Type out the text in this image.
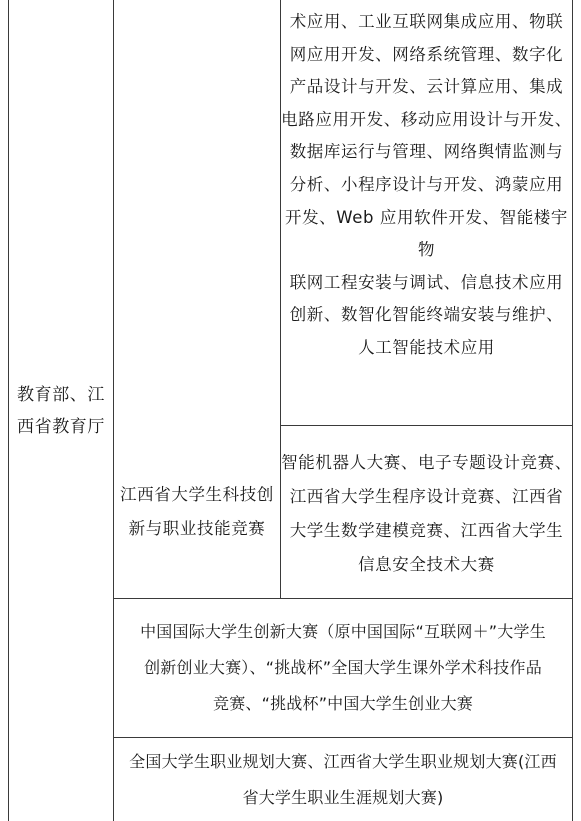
教育部、江西省教育厅
术应用、工业互联网集成应用、物联
网应用开发、网络系统管理、数字化
产品设计与开发、云计算应用、集成
电路应用开发、移动应用设计与开发、
数据库运行与管理、网络舆情监测与
分析、小程序设计与开发、鸿蒙应用
开发、Web 应用软件开发、智能楼宇物
联网工程安装与调试、信息技术应用
创新、数智化智能终端安装与维护、
人工智能技术应用
江西省大学生科技创
新与职业技能竞赛
智能机器人大赛、电子专题设计竞赛、
江西省大学生程序设计竞赛、江西省
大学生数学建模竞赛、江西省大学生
信息安全技术大赛
中国国际大学生创新大赛（原中国国际“互联网＋”大学生
创新创业大赛）、“挑战杯”全国大学生课外学术科技作品
竞赛、“挑战杯”中国大学生创业大赛
全国大学生职业规划大赛、江西省大学生职业规划大赛(江西
省大学生职业生涯规划大赛)
